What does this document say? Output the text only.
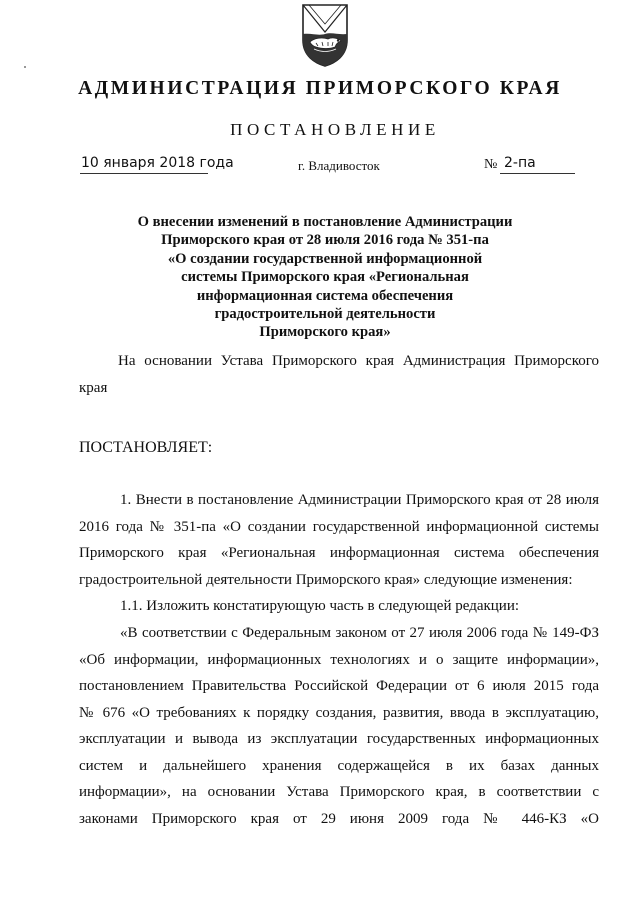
АДМИНИСТРАЦИЯ ПРИМОРСКОГО КРАЯ
ПОСТАНОВЛЕНИЕ
10 января 2018 года	г. Владивосток	№ 2-па
О внесении изменений в постановление Администрации
Приморского края от 28 июля 2016 года № 351-па
«О создании государственной информационной
системы Приморского края «Региональная
информационная система обеспечения
градостроительной деятельности
Приморского края»
На основании Устава Приморского края Администрация Приморского
края
ПОСТАНОВЛЯЕТ:
1. Внести в постановление Администрации Приморского края от 28 июля
2016 года № 351-па «О создании государственной информационной системы
Приморского края «Региональная информационная система обеспечения
градостроительной деятельности Приморского края» следующие изменения:
1.1. Изложить констатирующую часть в следующей редакции:
«В соответствии с Федеральным законом от 27 июля 2006 года № 149-ФЗ
«Об информации, информационных технологиях и о защите информации»,
постановлением Правительства Российской Федерации от 6 июля 2015 года
№ 676 «О требованиях к порядку создания, развития, ввода в эксплуатацию,
эксплуатации и вывода из эксплуатации государственных информационных
систем и дальнейшего хранения содержащейся в их базах данных
информации», на основании Устава Приморского края, в соответствии с
законами Приморского края от 29 июня 2009 года № 446-КЗ «О
